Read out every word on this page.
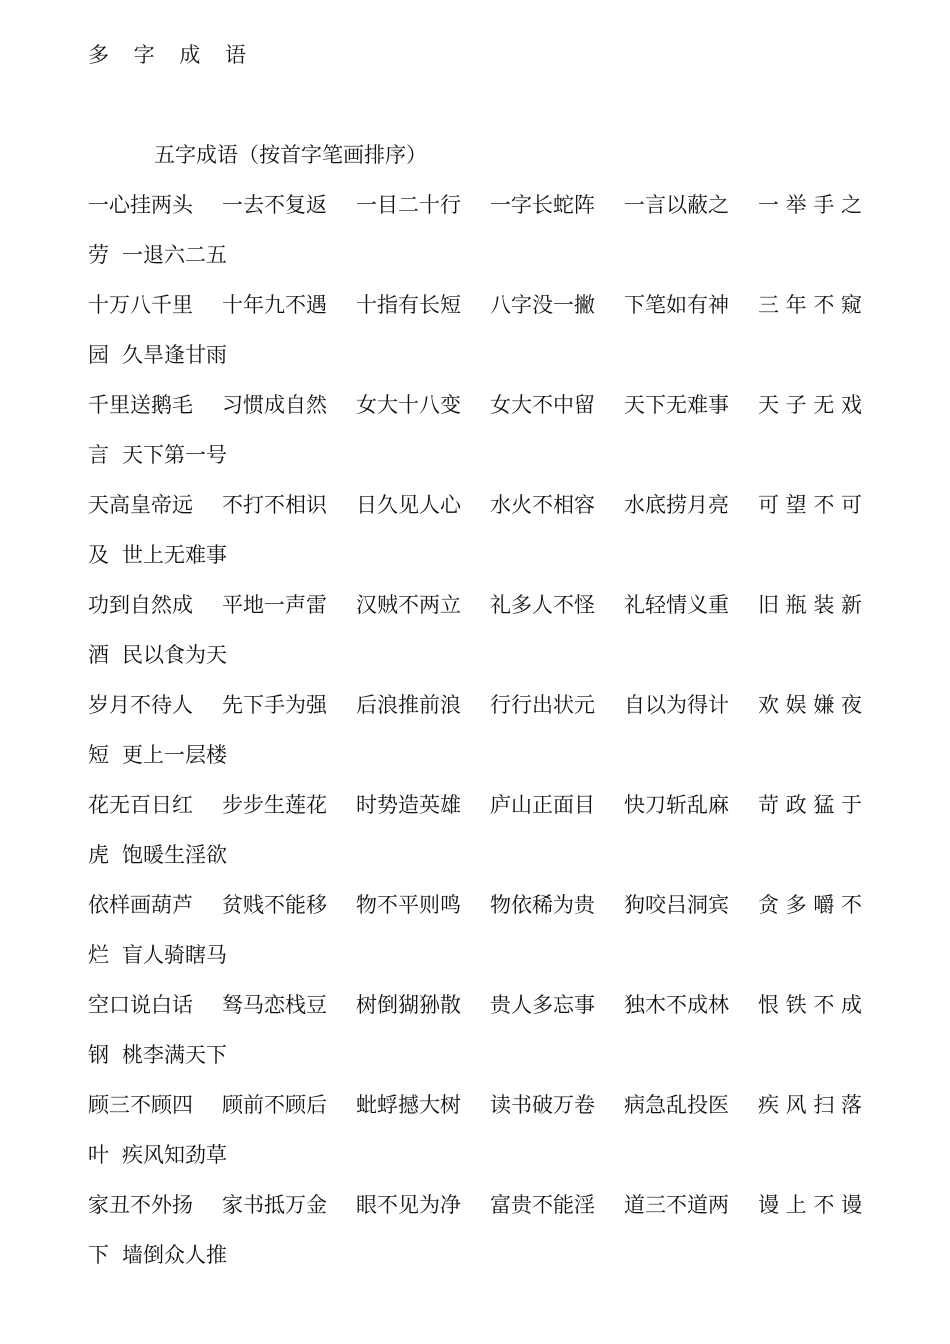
多 字 成 语
五字成语（按首字笔画排序）
一心挂两头 一去不复返 一目二十行 一字长蛇阵 一言以蔽之 一 举 手 之
劳 一退六二五
十万八千里 十年九不遇 十指有长短 八字没一撇 下笔如有神 三 年 不 窥
园 久旱逢甘雨
千里送鹅毛 习惯成自然 女大十八变 女大不中留 天下无难事 天 子 无 戏
言 天下第一号
天高皇帝远 不打不相识 日久见人心 水火不相容 水底捞月亮 可 望 不 可
及 世上无难事
功到自然成 平地一声雷 汉贼不两立 礼多人不怪 礼轻情义重 旧 瓶 装 新
酒 民以食为天
岁月不待人 先下手为强 后浪推前浪 行行出状元 自以为得计 欢 娱 嫌 夜
短 更上一层楼
花无百日红 步步生莲花 时势造英雄 庐山正面目 快刀斩乱麻 苛 政 猛 于
虎 饱暖生淫欲
依样画葫芦 贫贱不能移 物不平则鸣 物依稀为贵 狗咬吕洞宾 贪 多 嚼 不
烂 盲人骑瞎马
空口说白话 驽马恋栈豆 树倒猢狲散 贵人多忘事 独木不成林 恨 铁 不 成
钢 桃李满天下
顾三不顾四 顾前不顾后 蚍蜉撼大树 读书破万卷 病急乱投医 疾 风 扫 落
叶 疾风知劲草
家丑不外扬 家书抵万金 眼不见为净 富贵不能淫 道三不道两 谩 上 不 谩
下 墙倒众人推
